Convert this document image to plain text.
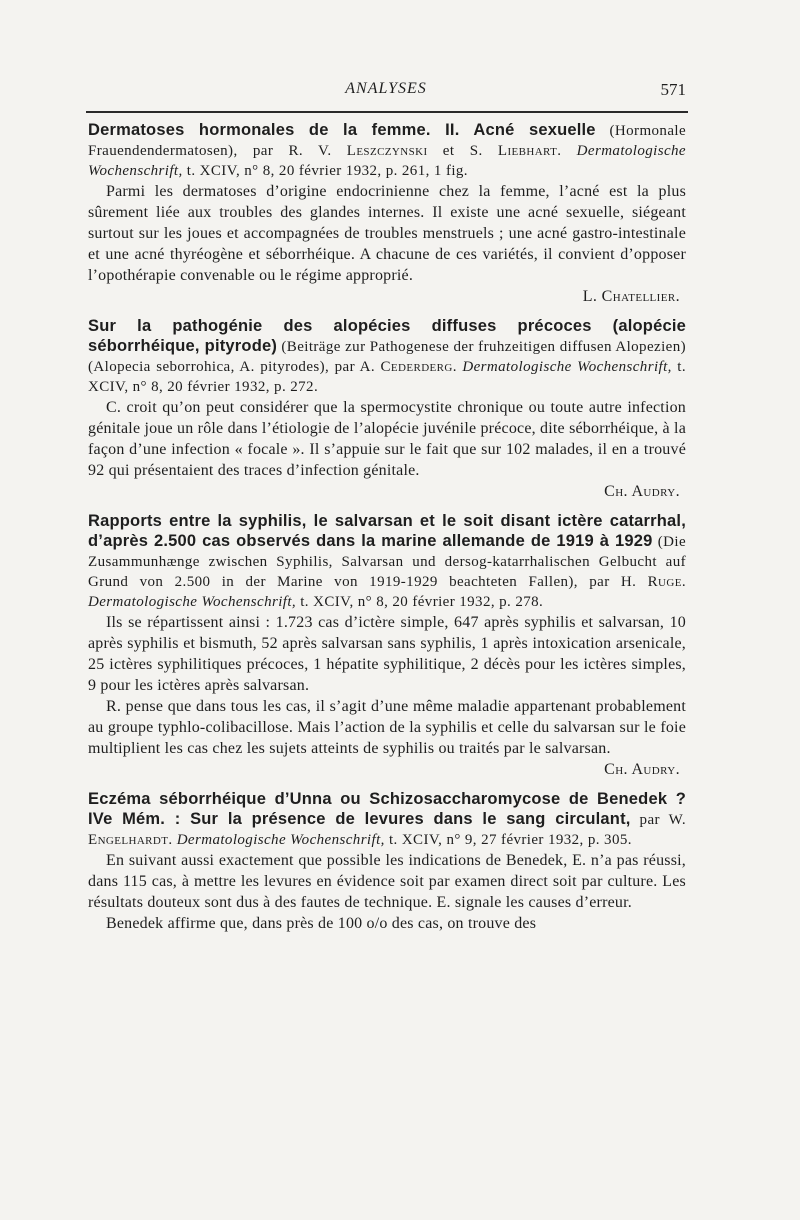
ANALYSES	571
Dermatoses hormonales de la femme. II. Acné sexuelle (Hormonale Frauendendermatosen), par R. V. Leszczynski et S. Liebhart. Dermatologische Wochenschrift, t. XCIV, n° 8, 20 février 1932, p. 261, 1 fig.

Parmi les dermatoses d’origine endocrinienne chez la femme, l’acné est la plus sûrement liée aux troubles des glandes internes. Il existe une acné sexuelle, siégeant surtout sur les joues et accompagnées de troubles menstruels ; une acné gastro-intestinale et une acné thyréogène et séborrhéique. A chacune de ces variétés, il convient d’opposer l’opothérapie convenable ou le régime approprié.

L. Chatellier.
Sur la pathogénie des alopécies diffuses précoces (alopécie séborrhéique, pityrode) (Beiträge zur Pathogenese der fruhzeitigen diffusen Alopezien) (Alopecia seborrohica, A. pityrodes), par A. Cederderg. Dermatologische Wochenschrift, t. XCIV, n° 8, 20 février 1932, p. 272.

C. croit qu’on peut considérer que la spermocystite chronique ou toute autre infection génitale joue un rôle dans l’étiologie de l’alopécie juvénile précoce, dite séborrhéique, à la façon d’une infection « focale ». Il s’appuie sur le fait que sur 102 malades, il en a trouvé 92 qui présentaient des traces d’infection génitale.

Ch. Audry.
Rapports entre la syphilis, le salvarsan et le soit disant ictère catarrhal, d’après 2.500 cas observés dans la marine allemande de 1919 à 1929 (Die Zusammunhænge zwischen Syphilis, Salvarsan und dersog-katarrhalischen Gelbucht auf Grund von 2.500 in der Marine von 1919-1929 beachteten Fallen), par H. Ruge. Dermatologische Wochenschrift, t. XCIV, n° 8, 20 février 1932, p. 278.

Ils se répartissent ainsi : 1.723 cas d’ictère simple, 647 après syphilis et salvarsan, 10 après syphilis et bismuth, 52 après salvarsan sans syphilis, 1 après intoxication arsenicale, 25 ictères syphilitiques précoces, 1 hépatite syphilitique, 2 décès pour les ictères simples, 9 pour les ictères après salvarsan.

R. pense que dans tous les cas, il s’agit d’une même maladie appartenant probablement au groupe typhlo-colibacillose. Mais l’action de la syphilis et celle du salvarsan sur le foie multiplient les cas chez les sujets atteints de syphilis ou traités par le salvarsan.

Ch. Audry.
Eczéma séborrhéique d’Unna ou Schizosaccharomycose de Benedek ? IVe Mém. : Sur la présence de levures dans le sang circulant, par W. Engelhardt. Dermatologische Wochenschrift, t. XCIV, n° 9, 27 février 1932, p. 305.

En suivant aussi exactement que possible les indications de Benedek, E. n’a pas réussi, dans 115 cas, à mettre les levures en évidence soit par examen direct soit par culture. Les résultats douteux sont dus à des fautes de technique. E. signale les causes d’erreur.

Benedek affirme que, dans près de 100 o/o des cas, on trouve des
